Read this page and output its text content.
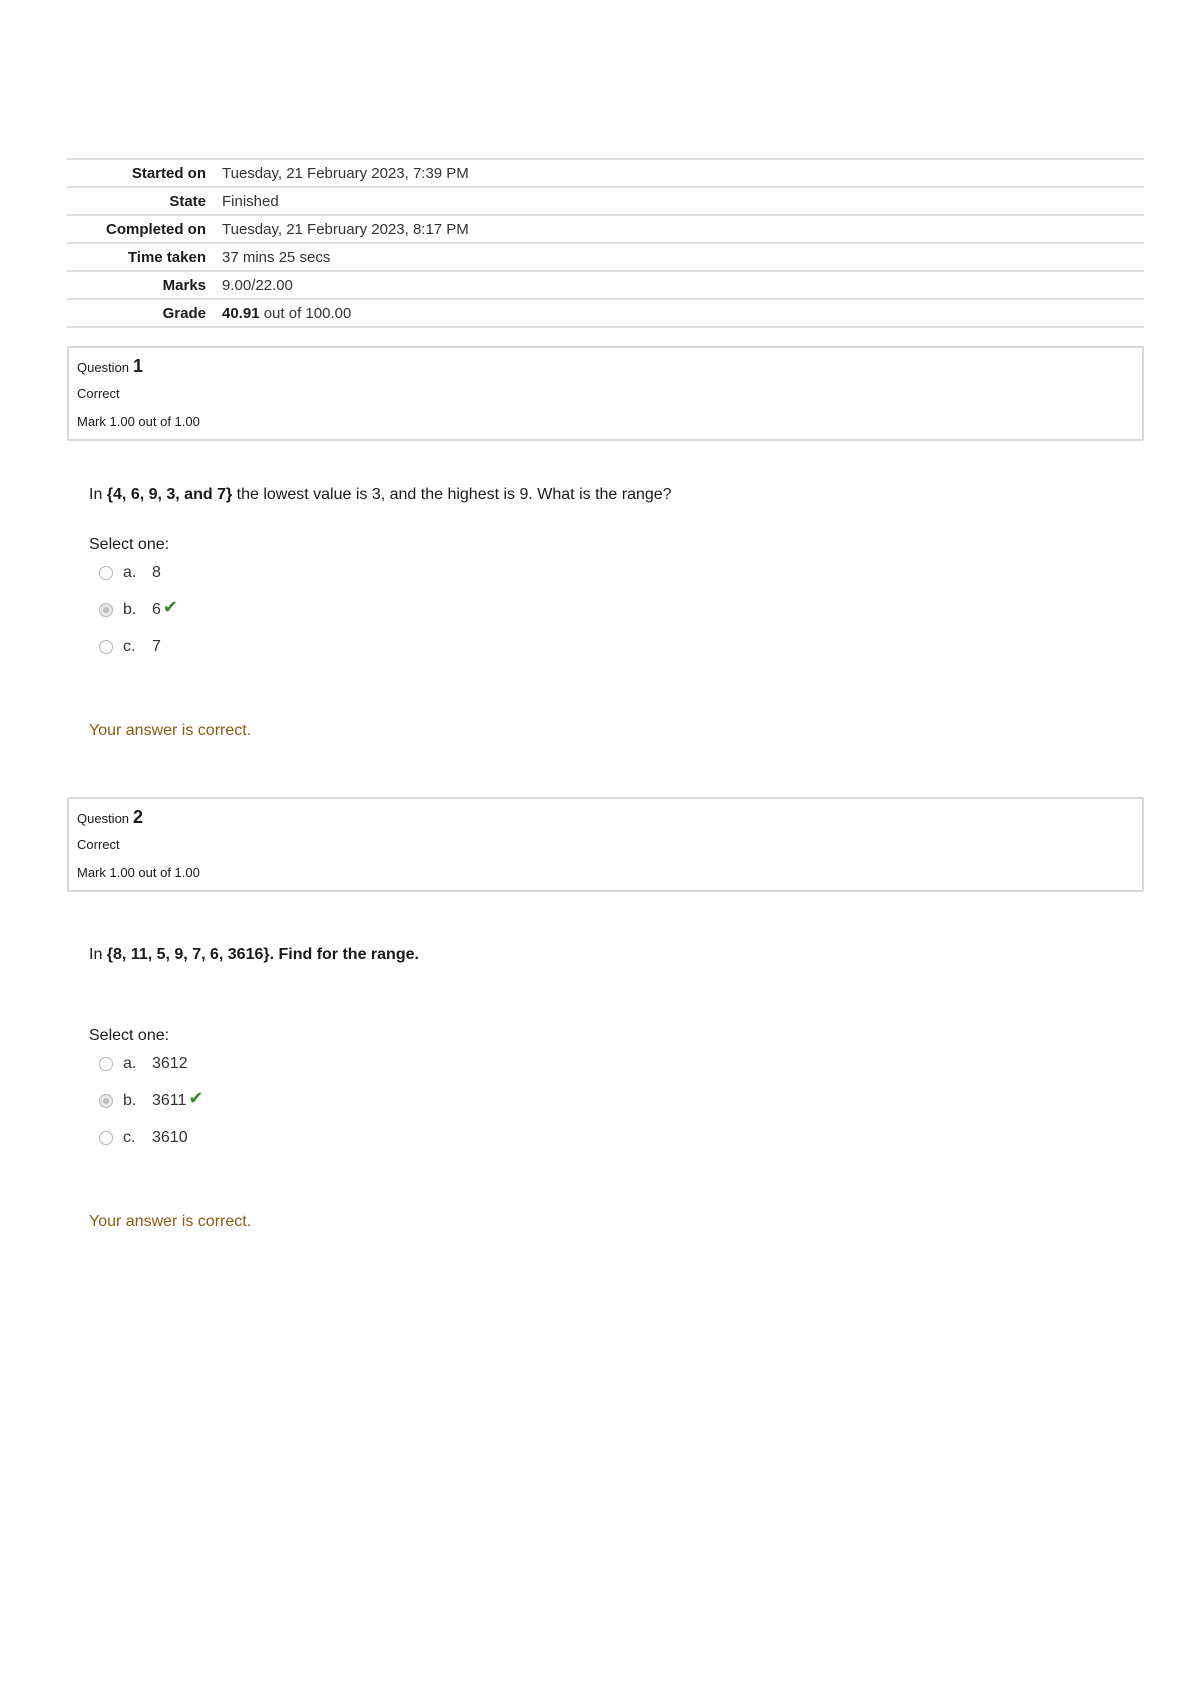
Started on	Tuesday, 21 February 2023, 7:39 PM
State	Finished
Completed on	Tuesday, 21 February 2023, 8:17 PM
Time taken	37 mins 25 secs
Marks	9.00/22.00
Grade	40.91 out of 100.00
Question 1
Correct
Mark 1.00 out of 1.00
In {4, 6, 9, 3, and 7} the lowest value is 3, and the highest is 9. What is the range?
Select one:
a. 8
b. 6 ✔
c.	7
Your answer is correct.
Question 2
Correct
Mark 1.00 out of 1.00
In {8, 11, 5, 9, 7, 6, 3616}. Find for the range.
Select one:
a. 3612
b. 3611 ✔
c.	3610
Your answer is correct.
